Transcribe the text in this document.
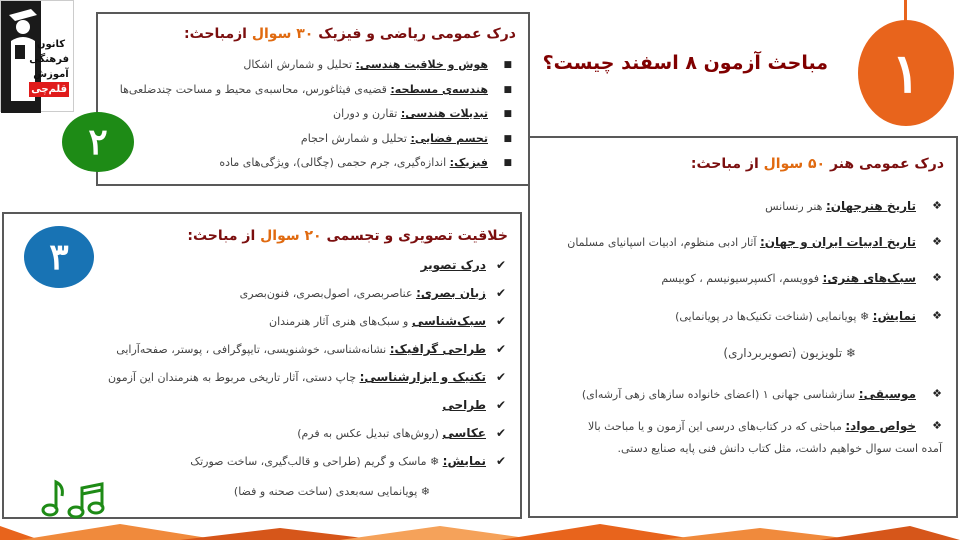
کانون
فرهنگی
آموزش
قلم‌چی
مباحث آزمون ۸ اسفند چیست؟	۱
درک عمومی ریاضی و فیزیک ۳۰ سوال ازمباحث:
■
هوش و خلاقیت هندسی: تحلیل و شمارش اشکال
■
هندسه‌ی مسطحه: قضیه‌ی فیثاغورس، محاسبه‌ی محیط و مساحت چندضلعی‌ها
■
تبدیلات هندسی: تقارن و دوران
■
تجسم فضایی: تحلیل و شمارش احجام
■
فیزیک: اندازه‌گیری، جرم حجمی (چگالی)، ویژگی‌های ماده
۲
درک عمومی هنر ۵۰ سوال از مباحث:
❖
تاریخ هنرجهان: هنر رنسانس
❖
تاریخ ادبیات ایران و جهان: آثار ادبی منظوم، ادبیات اسپانیای مسلمان
❖
سبک‌های هنری: فوویسم، اکسپرسیونیسم ، کوبیسم
❖
نمایش: ❄ پویانمایی (شناخت تکنیک‌ها در پویانمایی)
❄ تلویزیون (تصویربرداری)
❖
موسیقی: سازشناسی جهانی ۱ (اعضای خانواده سازهای زهی آرشه‌ای)
❖
خواص مواد: مباحثی که در کتاب‌های درسی این آزمون و یا مباحث بالا
آمده است سوال خواهیم داشت، مثل کتاب دانش فنی پایه صنایع دستی.
خلاقیت تصویری و تجسمی ۲۰ سوال از مباحث:
✔
درک تصویر
✔
زبان بصری: عناصربصری، اصول‌بصری، فنون‌بصری
✔
سبک‌شناسی و سبک‌های هنری آثار هنرمندان
✔
طراحی گرافیک: نشانه‌شناسی، خوشنویسی، تایپوگرافی ، پوستر، صفحه‌آرایی
✔
تکنیک و ابزارشناسی: چاپ دستی، آثار تاریخی مربوط به هنرمندان این آزمون
✔
طراحی
✔
عکاسی (روش‌های تبدیل عکس به فرم)
✔
نمایش: ❄ ماسک و گریم (طراحی و قالب‌گیری، ساخت صورتک
❄ پویانمایی سه‌بعدی (ساخت صحنه و فضا)
۳
